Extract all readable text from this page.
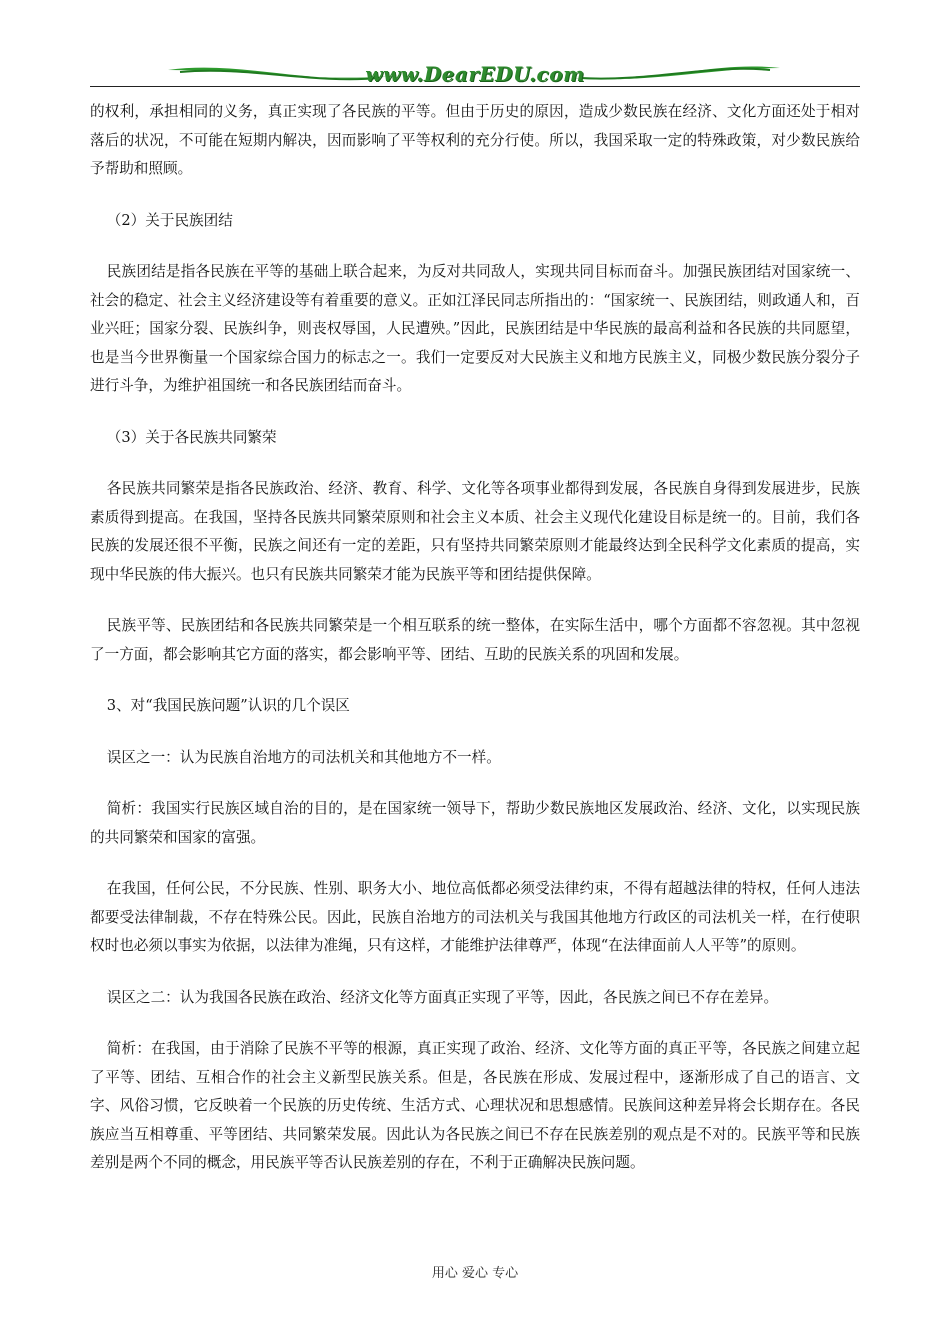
www.DearEDU.com

的权利，承担相同的义务，真正实现了各民族的平等。但由于历史的原因，造成少数民族在经济、文化方面还处于相对落后的状况，不可能在短期内解决，因而影响了平等权利的充分行使。所以，我国采取一定的特殊政策，对少数民族给予帮助和照顾。

（2）关于民族团结

民族团结是指各民族在平等的基础上联合起来，为反对共同敌人，实现共同目标而奋斗。加强民族团结对国家统一、社会的稳定、社会主义经济建设等有着重要的意义。正如江泽民同志所指出的：“国家统一、民族团结，则政通人和，百业兴旺；国家分裂、民族纠争，则丧权辱国，人民遭殃。”因此，民族团结是中华民族的最高利益和各民族的共同愿望，也是当今世界衡量一个国家综合国力的标志之一。我们一定要反对大民族主义和地方民族主义，同极少数民族分裂分子进行斗争，为维护祖国统一和各民族团结而奋斗。

（3）关于各民族共同繁荣

各民族共同繁荣是指各民族政治、经济、教育、科学、文化等各项事业都得到发展，各民族自身得到发展进步，民族素质得到提高。在我国，坚持各民族共同繁荣原则和社会主义本质、社会主义现代化建设目标是统一的。目前，我们各民族的发展还很不平衡，民族之间还有一定的差距，只有坚持共同繁荣原则才能最终达到全民科学文化素质的提高，实现中华民族的伟大振兴。也只有民族共同繁荣才能为民族平等和团结提供保障。

民族平等、民族团结和各民族共同繁荣是一个相互联系的统一整体，在实际生活中，哪个方面都不容忽视。其中忽视了一方面，都会影响其它方面的落实，都会影响平等、团结、互助的民族关系的巩固和发展。

3、对“我国民族问题”认识的几个误区

误区之一：认为民族自治地方的司法机关和其他地方不一样。

简析：我国实行民族区域自治的目的，是在国家统一领导下，帮助少数民族地区发展政治、经济、文化，以实现民族的共同繁荣和国家的富强。

在我国，任何公民，不分民族、性别、职务大小、地位高低都必须受法律约束，不得有超越法律的特权，任何人违法都要受法律制裁，不存在特殊公民。因此，民族自治地方的司法机关与我国其他地方行政区的司法机关一样，在行使职权时也必须以事实为依据，以法律为准绳，只有这样，才能维护法律尊严，体现“在法律面前人人平等”的原则。

误区之二：认为我国各民族在政治、经济文化等方面真正实现了平等，因此，各民族之间已不存在差异。

简析：在我国，由于消除了民族不平等的根源，真正实现了政治、经济、文化等方面的真正平等，各民族之间建立起了平等、团结、互相合作的社会主义新型民族关系。但是，各民族在形成、发展过程中，逐渐形成了自己的语言、文字、风俗习惯，它反映着一个民族的历史传统、生活方式、心理状况和思想感情。民族间这种差异将会长期存在。各民族应当互相尊重、平等团结、共同繁荣发展。因此认为各民族之间已不存在民族差别的观点是不对的。民族平等和民族差别是两个不同的概念，用民族平等否认民族差别的存在，不利于正确解决民族问题。

用心 爱心 专心
